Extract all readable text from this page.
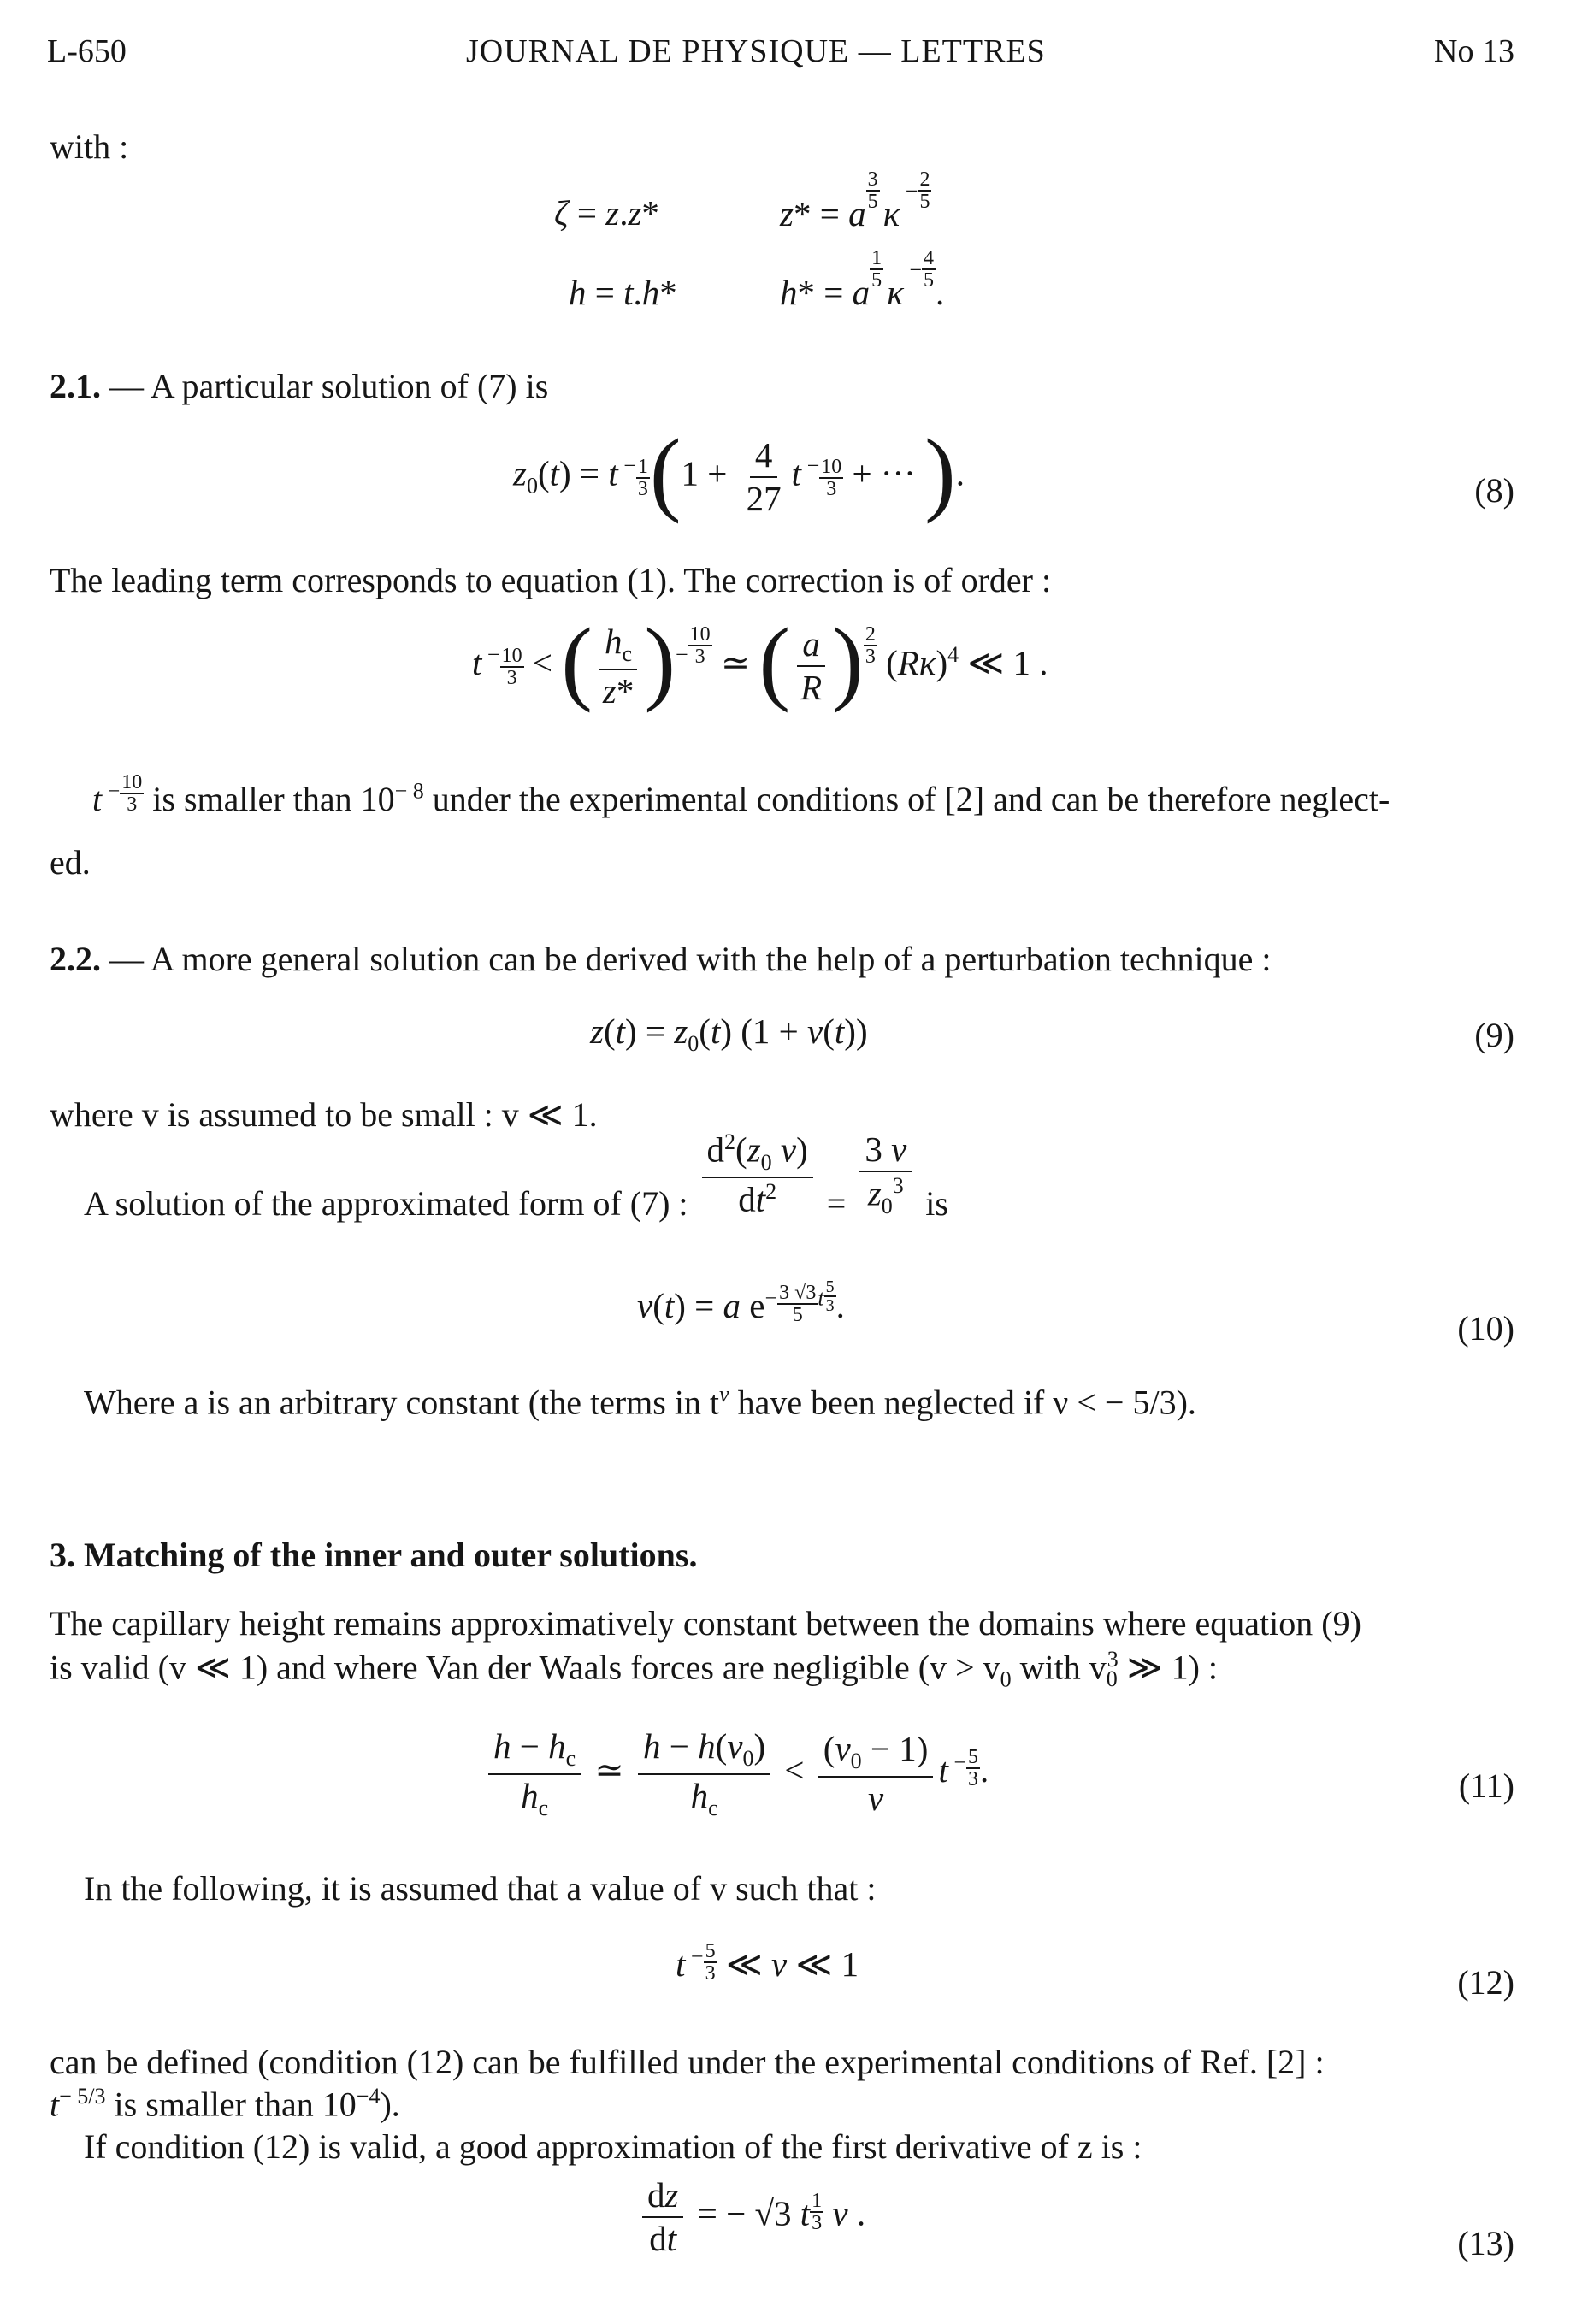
L-650	JOURNAL DE PHYSIQUE — LETTRES	No 13
with :
ζ = z.z*	z* = a
$\frac{3}{5}$
$\kappa - \frac{2}{5}$
h = t.h*	h* = a
$\frac{1}{5}$
$\kappa - \frac{4}{5}$
.
2.1. — A particular solution of (7) is
$z_0(t) = t$ $^- \frac{1}{3} (1 + \frac{4}{27}$ t $^- \frac{10}{3}$ + ··· ).	(8)
The leading term corresponds to equation (1). The correction is of order :
t $^- \frac{10}{3}$ < ( $\frac{h_c}{z*} )^- \frac{10}{3}$ ≃ ( $\frac{a}{R}$ ) $\frac{2}{3} (R\kappa)^4$ ≪ 1 .
t $^- \frac{10}{3}$ is smaller than $10^{- 8}$ under the experimental conditions of [2] and can be therefore neglect-
ed.
2.2. — A more general solution can be derived with the help of a perturbation technique :
$z(t) = z_0(t) (1 + v(t))$	(9)
where v is assumed to be small : v ≪ 1.
A solution of the approximated form of (7) : $\frac{d^2(z_0 v)}{dt^2} = \frac{3 v}{z_0^3}$ is
v(t) = a $e^- \frac{3 √3}{5} ^t \frac{5}{3}$ .
(10)
Where a is an arbitrary constant (the terms in $t^\nu$ have been neglected if ν < − 5/3).
3. Matching of the inner and outer solutions.
The capillary height remains approximatively constant between the domains where equation (9)
is valid (v ≪ 1) and where Van der Waals forces are negligible ($v > v_0$ with $v_0^3$ ≫ 1) :
$\frac{h - h_c}{h_c}$ ≃ $\frac{h - h(v_0)}{h_c} < \frac{(v_0 - 1)}{v}$ t $^- \frac{5}{3}$ .	(11)
In the following, it is assumed that a value of v such that :
t $^- \frac{5}{3}$ ≪ v ≪ 1	(12)
can be defined (condition (12) can be fulfilled under the experimental conditions of Ref. [2] :
$t^{- 5/3}$ is smaller than $10^{-4}$).
If condition (12) is valid, a good approximation of the first derivative of z is :
$\frac{dz}{dt}$ = − √3 t $\frac{1}{3}$ v .
(13)
